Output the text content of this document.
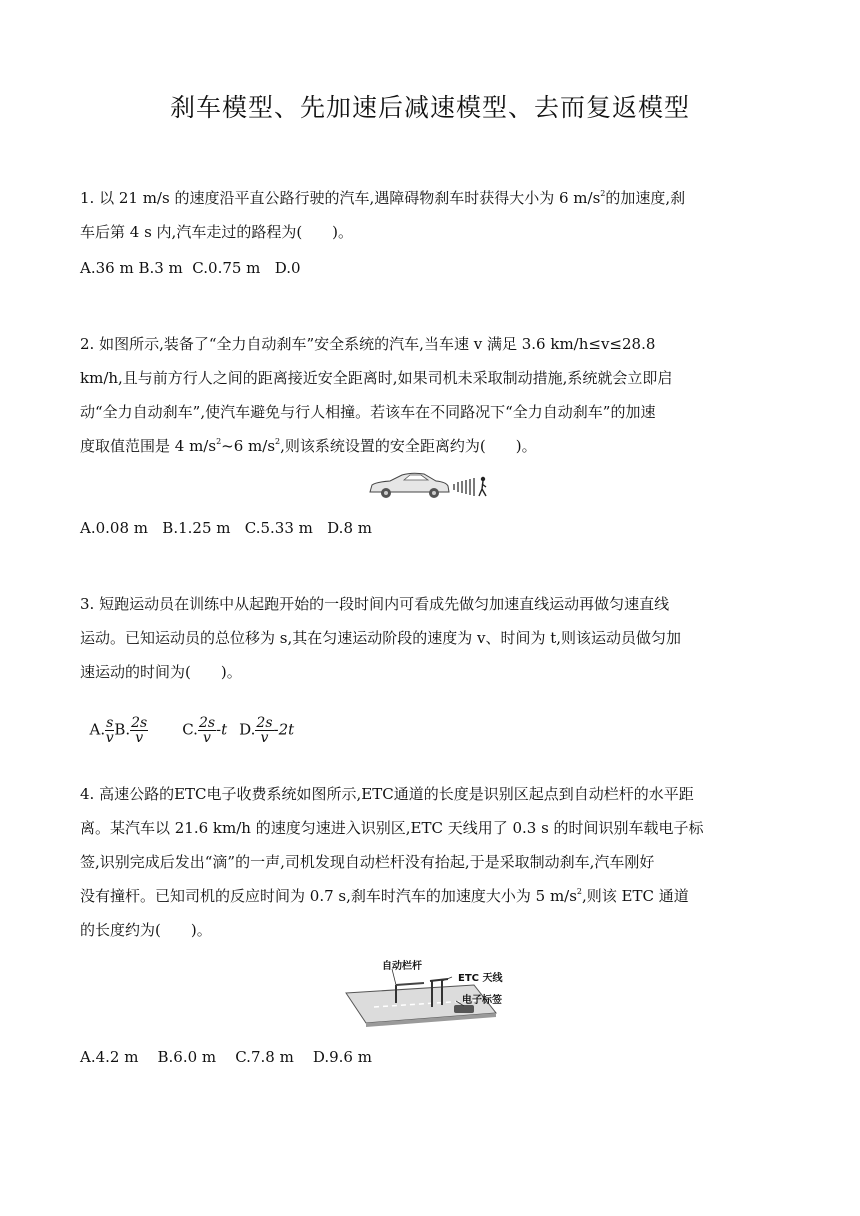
刹车模型、先加速后减速模型、去而复返模型

1. 以 21 m/s 的速度沿平直公路行驶的汽车,遇障碍物刹车时获得大小为 6 $m/s^2$的加速度,刹

车后第 4 s 内,汽车走过的路程为(　　)。

A.36 m B.3 m  C.0.75 m   D.0

2. 如图所示,装备了“全力自动刹车”安全系统的汽车,当车速 v 满足 3.6 km/h≤v≤28.8

km/h,且与前方行人之间的距离接近安全距离时,如果司机未采取制动措施,系统就会立即启

动“全力自动刹车”,使汽车避免与行人相撞。若该车在不同路况下“全力自动刹车”的加速

度取值范围是 4 $m/s^2\sim 6$ $m/s^2$,则该系统设置的安全距离约为(　　)。

A.0.08 m   B.1.25 m   C.5.33 m   D.8 m

3. 短跑运动员在训练中从起跑开始的一段时间内可看成先做匀加速直线运动再做匀速直线

运动。已知运动员的总位移为 s,其在匀速运动阶段的速度为 v、时间为 t,则该运动员做匀加

速运动的时间为(　　)。

A. $\frac{s}{v} B$. $\frac{2s}{v} C$. $\frac{2s}{v} -t$ D. $\frac{2s}{v} -2t$

4. 高速公路的ETC电子收费系统如图所示,ETC通道的长度是识别区起点到自动栏杆的水平距

离。某汽车以 21.6 km/h 的速度匀速进入识别区,ETC 天线用了 0.3 s 的时间识别车载电子标

签,识别完成后发出“滴”的一声,司机发现自动栏杆没有抬起,于是采取制动刹车,汽车刚好

没有撞杆。已知司机的反应时间为 0.7 s,刹车时汽车的加速度大小为 5 $m/s^2$,则该 ETC 通道

的长度约为(　　)。

自动栏杆
ETC 天线
电子标签
A.4.2 m    B.6.0 m    C.7.8 m    D.9.6 m
